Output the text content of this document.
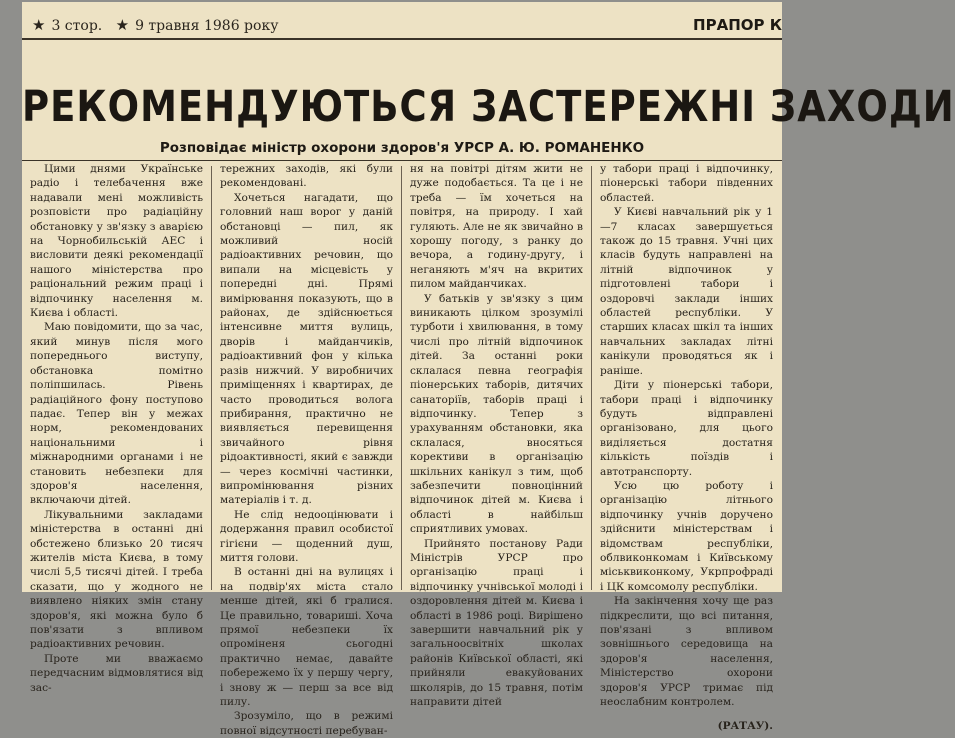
★ 3 стор. ★ 9 травня 1986 року	ПРАПОР К
РЕКОМЕНДУЮТЬСЯ ЗАСТЕРЕЖНІ ЗАХОДИ
Розповідає міністр охорони здоров'я УРСР А. Ю. РОМАНЕНКО

Цими днями Українське радіо і телебачення вже надавали мені можливість розповісти про радіаційну обстановку у зв'язку з аварією на Чорнобильській АЕС і висловити деякі рекомендації нашого міністерства про раціональний режим праці і відпочинку населення м. Києва і області.

Маю повідомити, що за час, який минув після мого попереднього виступу, обстановка помітно поліпшилась. Рівень радіаційного фону поступово падає. Тепер він у межах норм, рекомендованих національними і міжнародними органами і не становить небезпеки для здоров'я населення, включаючи дітей.

Лікувальними закладами міністерства в останні дні обстежено близько 20 тисяч жителів міста Києва, в тому числі 5,5 тисячі дітей. І треба сказати, що у жодного не виявлено ніяких змін стану здоров'я, які можна було б пов'язати з впливом радіоактивних речовин.

Проте ми вважаємо передчасним відмовлятися від зас-

тережних заходів, які були рекомендовані.

Хочеться нагадати, що головний наш ворог у даній обстановці — пил, як можливий носій радіоактивних речовин, що випали на місцевість у попередні дні. Прямі вимірювання показують, що в районах, де здійснюється інтенсивне миття вулиць, дворів і майданчиків, радіоактивний фон у кілька разів нижчий. У виробничих приміщеннях і квартирах, де часто проводиться волога прибирання, практично не виявляється перевищення звичайного рівня рідоактивності, який є завжди — через космічні частинки, випромінювання різних матеріалів і т. д.

Не слід недооцінювати і додержання правил особистої гігієни — щоденний душ, миття голови.

В останні дні на вулицях і на подвір'ях міста стало менше дітей, які б гралися. Це правильно, товариші. Хоча прямої небезпеки їх опроміненя сьогодні практично немає, давайте побережемо їх у першу чергу, і знову ж — перш за все від пилу.

Зрозуміло, що в режимі повної відсутності перебуван-

ня на повітрі дітям жити не дуже подобається. Та це і не треба — їм хочеться на повітря, на природу. І хай гуляють. Але не як звичайно в хорошу погоду, з ранку до вечора, а годину-другу, і неганяють м'яч на вкритих пилом майданчиках.

У батьків у зв'язку з цим виникають цілком зрозумілі турботи і хвилювання, в тому числі про літній відпочинок дітей. За останні роки склалася певна географія піонерських таборів, дитячих санаторіїв, таборів праці і відпочинку. Тепер з урахуванням обстановки, яка склалася, вносяться корективи в організацію шкільних канікул з тим, щоб забезпечити повноцінний відпочинок дітей м. Києва і області в найбільш сприятливих умовах.

Прийнято постанову Ради Міністрів УРСР про організацію праці і відпочинку учнівської молоді і оздоровлення дітей м. Києва і області в 1986 році. Вирішено завершити навчальний рік у загальноосвітніх школах районів Київської області, які прийняли евакуйованих школярів, до 15 травня, потім направити дітей

у табори праці і відпочинку, піонерські табори південних областей.

У Києві навчальний рік у 1—7 класах завершується також до 15 травня. Учні цих класів будуть направлені на літній відпочинок у підготовлені табори і оздоровчі заклади інших областей республіки. У старших класах шкіл та інших навчальних закладах літні канікули проводяться як і раніше.

Діти у піонерські табори, табори праці і відпочинку будуть відправлені організовано, для цього виділяється достатня кількість поїздів і автотранспорту.

Усю цю роботу і організацію літнього відпочинку учнів доручено здійснити міністерствам і відомствам республіки, облвиконкомам і Київському міськвиконкому, Укрпрофраді і ЦК комсомолу республіки.

На закінчення хочу ще раз підкреслити, що всі питання, пов'язані з впливом зовнішнього середовища на здоров'я населення, Міністерство охорони здоров'я УРСР тримає під неослабним контролем.

(РАТАУ).
